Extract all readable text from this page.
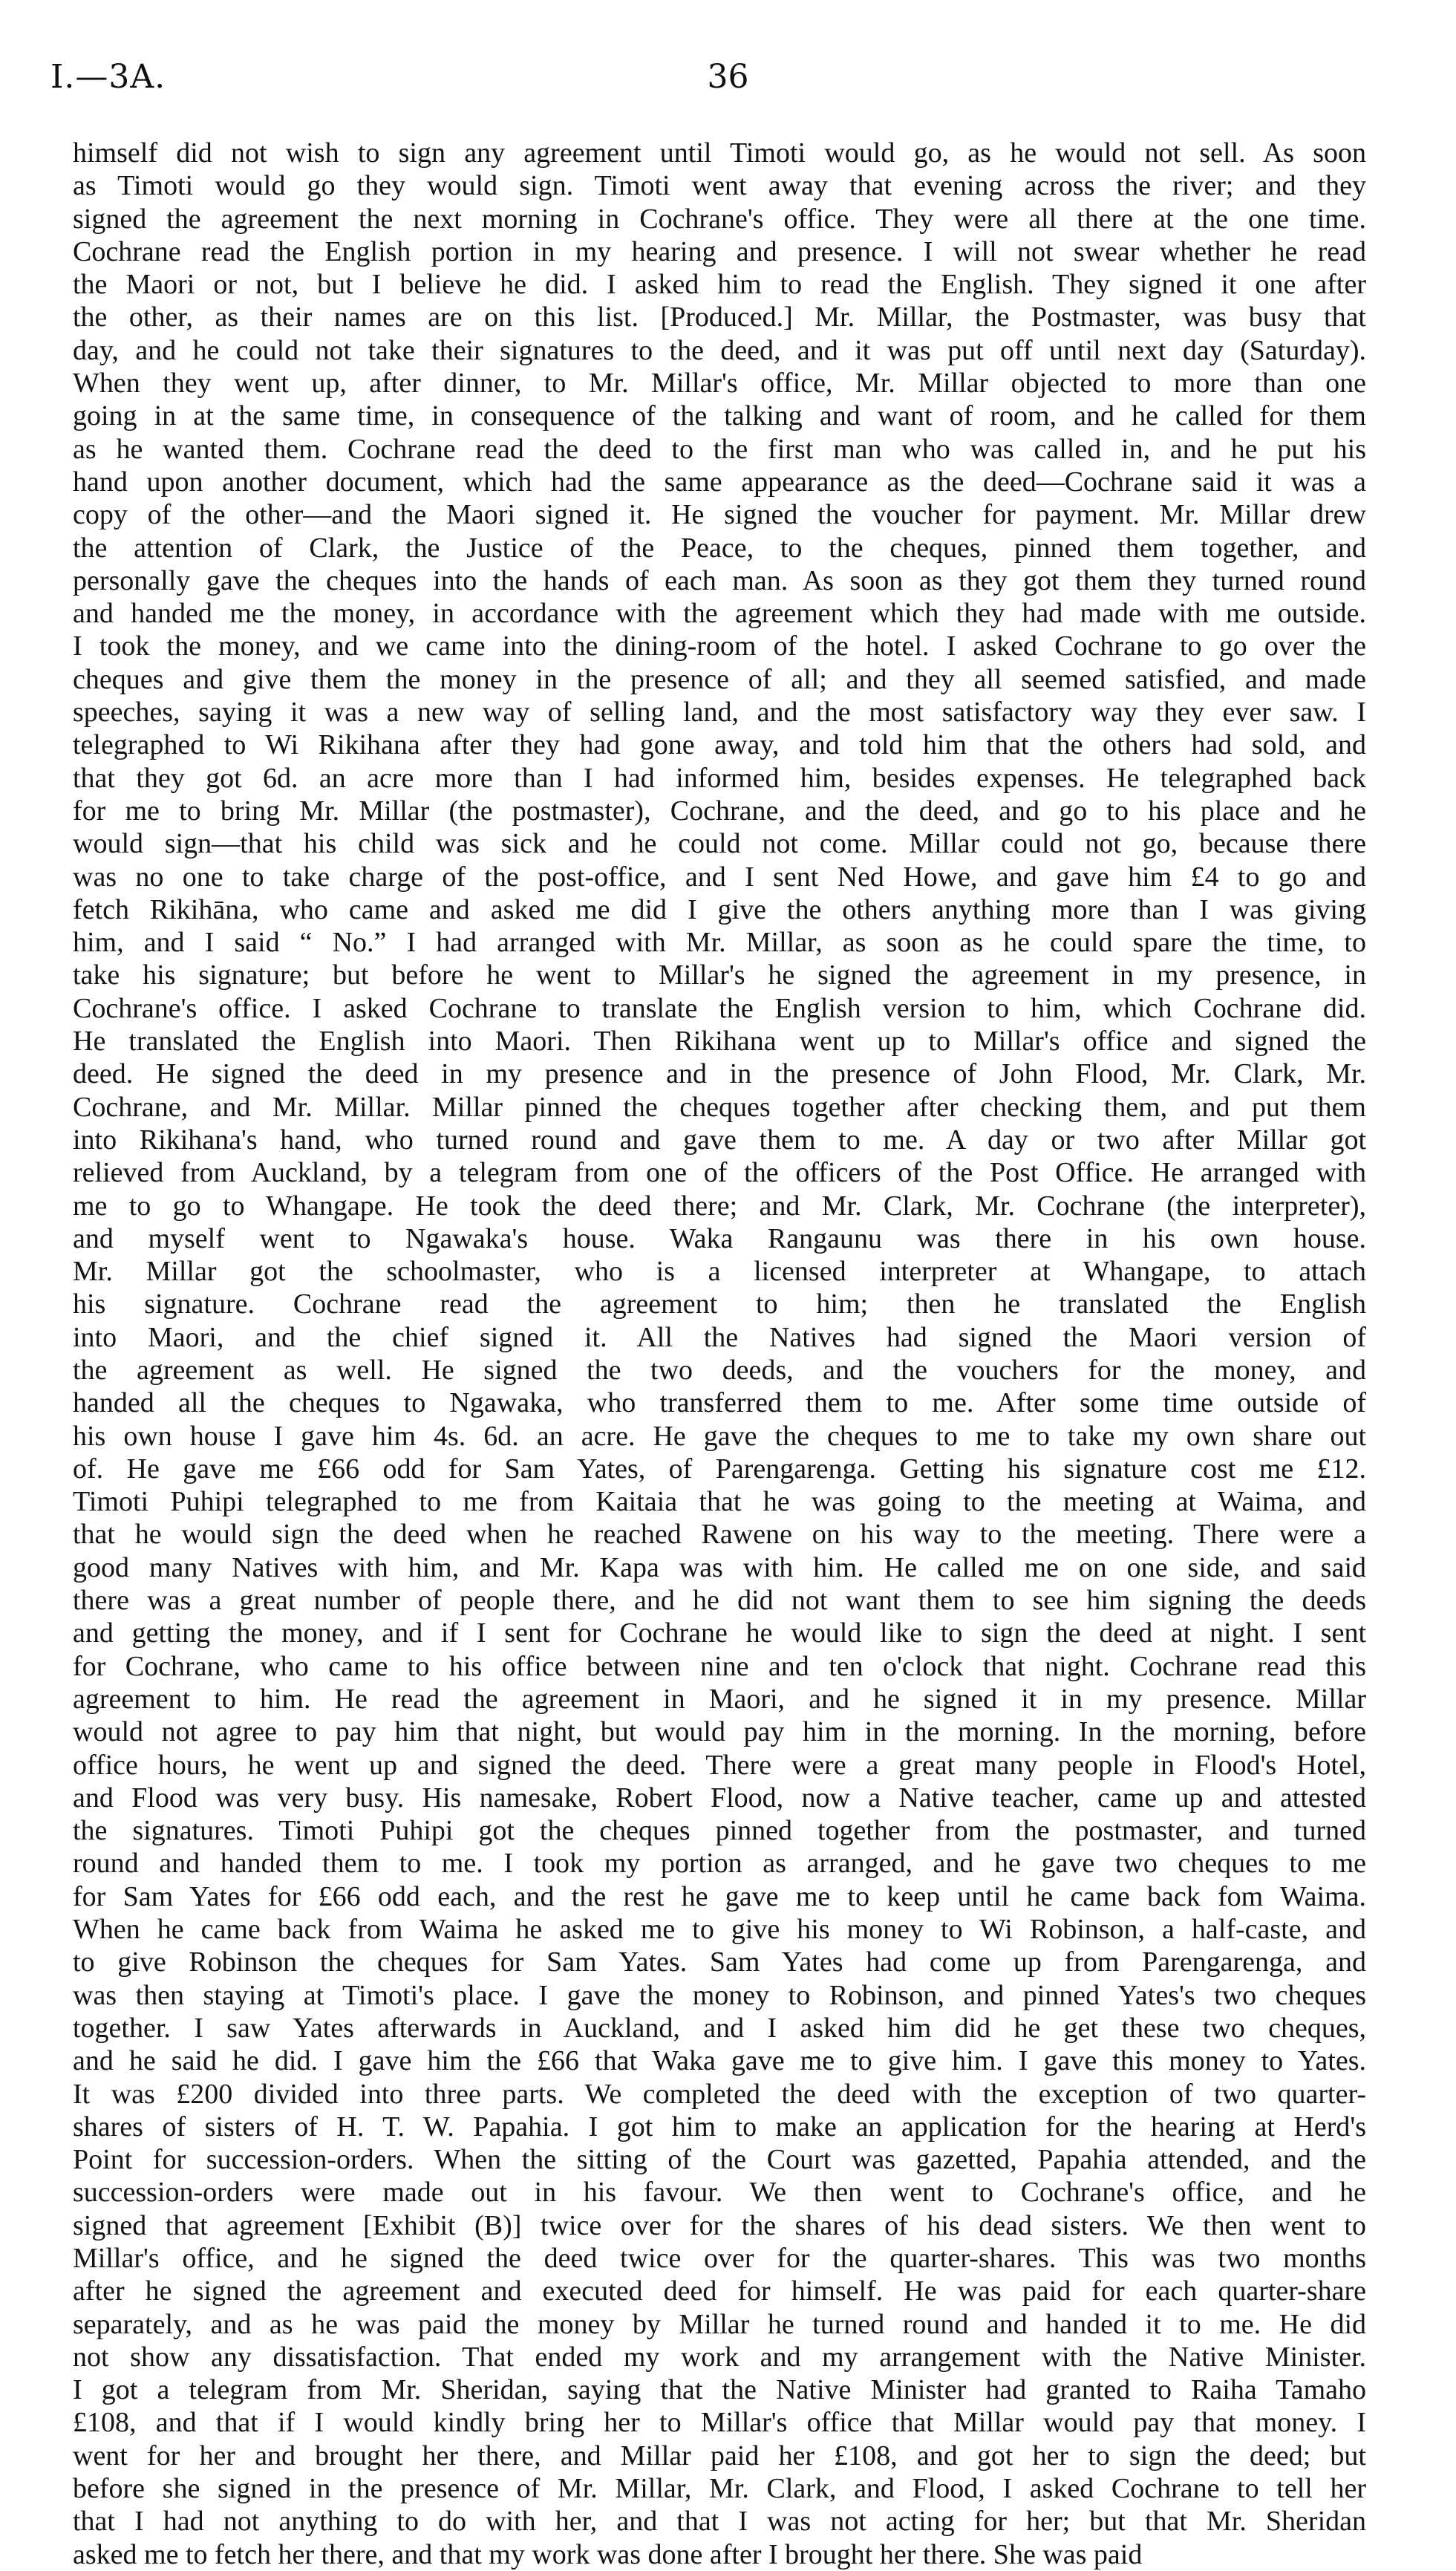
I.—3A.	36
himself did not wish to sign any agreement until Timoti would go, as he would not sell. As soon
as Timoti would go they would sign. Timoti went away that evening across the river; and they
signed the agreement the next morning in Cochrane's office. They were all there at the one time.
Cochrane read the English portion in my hearing and presence. I will not swear whether he read
the Maori or not, but I believe he did. I asked him to read the English. They signed it one after
the other, as their names are on this list. [Produced.] Mr. Millar, the Postmaster, was busy that
day, and he could not take their signatures to the deed, and it was put off until next day (Saturday).
When they went up, after dinner, to Mr. Millar's office, Mr. Millar objected to more than one
going in at the same time, in consequence of the talking and want of room, and he called for them
as he wanted them. Cochrane read the deed to the first man who was called in, and he put his
hand upon another document, which had the same appearance as the deed—Cochrane said it was a
copy of the other—and the Maori signed it. He signed the voucher for payment. Mr. Millar drew
the attention of Clark, the Justice of the Peace, to the cheques, pinned them together, and
personally gave the cheques into the hands of each man. As soon as they got them they turned round
and handed me the money, in accordance with the agreement which they had made with me outside.
I took the money, and we came into the dining-room of the hotel. I asked Cochrane to go over the
cheques and give them the money in the presence of all; and they all seemed satisfied, and made
speeches, saying it was a new way of selling land, and the most satisfactory way they ever saw. I
telegraphed to Wi Rikihana after they had gone away, and told him that the others had sold, and
that they got 6d. an acre more than I had informed him, besides expenses. He telegraphed back
for me to bring Mr. Millar (the postmaster), Cochrane, and the deed, and go to his place and he
would sign—that his child was sick and he could not come. Millar could not go, because there
was no one to take charge of the post-office, and I sent Ned Howe, and gave him £4 to go and
fetch Rikihāna, who came and asked me did I give the others anything more than I was giving
him, and I said “ No.” I had arranged with Mr. Millar, as soon as he could spare the time, to
take his signature; but before he went to Millar's he signed the agreement in my presence, in
Cochrane's office. I asked Cochrane to translate the English version to him, which Cochrane did.
He translated the English into Maori. Then Rikihana went up to Millar's office and signed the
deed. He signed the deed in my presence and in the presence of John Flood, Mr. Clark, Mr.
Cochrane, and Mr. Millar. Millar pinned the cheques together after checking them, and put them
into Rikihana's hand, who turned round and gave them to me. A day or two after Millar got
relieved from Auckland, by a telegram from one of the officers of the Post Office. He arranged with
me to go to Whangape. He took the deed there; and Mr. Clark, Mr. Cochrane (the interpreter),
and myself went to Ngawaka's house. Waka Rangaunu was there in his own house.
Mr. Millar got the schoolmaster, who is a licensed interpreter at Whangape, to attach
his signature. Cochrane read the agreement to him; then he translated the English
into Maori, and the chief signed it. All the Natives had signed the Maori version of
the agreement as well. He signed the two deeds, and the vouchers for the money, and
handed all the cheques to Ngawaka, who transferred them to me. After some time outside of
his own house I gave him 4s. 6d. an acre. He gave the cheques to me to take my own share out
of. He gave me £66 odd for Sam Yates, of Parengarenga. Getting his signature cost me £12.
Timoti Puhipi telegraphed to me from Kaitaia that he was going to the meeting at Waima, and
that he would sign the deed when he reached Rawene on his way to the meeting. There were a
good many Natives with him, and Mr. Kapa was with him. He called me on one side, and said
there was a great number of people there, and he did not want them to see him signing the deeds
and getting the money, and if I sent for Cochrane he would like to sign the deed at night. I sent
for Cochrane, who came to his office between nine and ten o'clock that night. Cochrane read this
agreement to him. He read the agreement in Maori, and he signed it in my presence. Millar
would not agree to pay him that night, but would pay him in the morning. In the morning, before
office hours, he went up and signed the deed. There were a great many people in Flood's Hotel,
and Flood was very busy. His namesake, Robert Flood, now a Native teacher, came up and attested
the signatures. Timoti Puhipi got the cheques pinned together from the postmaster, and turned
round and handed them to me. I took my portion as arranged, and he gave two cheques to me
for Sam Yates for £66 odd each, and the rest he gave me to keep until he came back fom Waima.
When he came back from Waima he asked me to give his money to Wi Robinson, a half-caste, and
to give Robinson the cheques for Sam Yates. Sam Yates had come up from Parengarenga, and
was then staying at Timoti's place. I gave the money to Robinson, and pinned Yates's two cheques
together. I saw Yates afterwards in Auckland, and I asked him did he get these two cheques,
and he said he did. I gave him the £66 that Waka gave me to give him. I gave this money to Yates.
It was £200 divided into three parts. We completed the deed with the exception of two quarter-
shares of sisters of H. T. W. Papahia. I got him to make an application for the hearing at Herd's
Point for succession-orders. When the sitting of the Court was gazetted, Papahia attended, and the
succession-orders were made out in his favour. We then went to Cochrane's office, and he
signed that agreement [Exhibit (B)] twice over for the shares of his dead sisters. We then went to
Millar's office, and he signed the deed twice over for the quarter-shares. This was two months
after he signed the agreement and executed deed for himself. He was paid for each quarter-share
separately, and as he was paid the money by Millar he turned round and handed it to me. He did
not show any dissatisfaction. That ended my work and my arrangement with the Native Minister.
I got a telegram from Mr. Sheridan, saying that the Native Minister had granted to Raiha Tamaho
£108, and that if I would kindly bring her to Millar's office that Millar would pay that money. I
went for her and brought her there, and Millar paid her £108, and got her to sign the deed; but
before she signed in the presence of Mr. Millar, Mr. Clark, and Flood, I asked Cochrane to tell her
that I had not anything to do with her, and that I was not acting for her; but that Mr. Sheridan
asked me to fetch her there, and that my work was done after I brought her there. She was paid
